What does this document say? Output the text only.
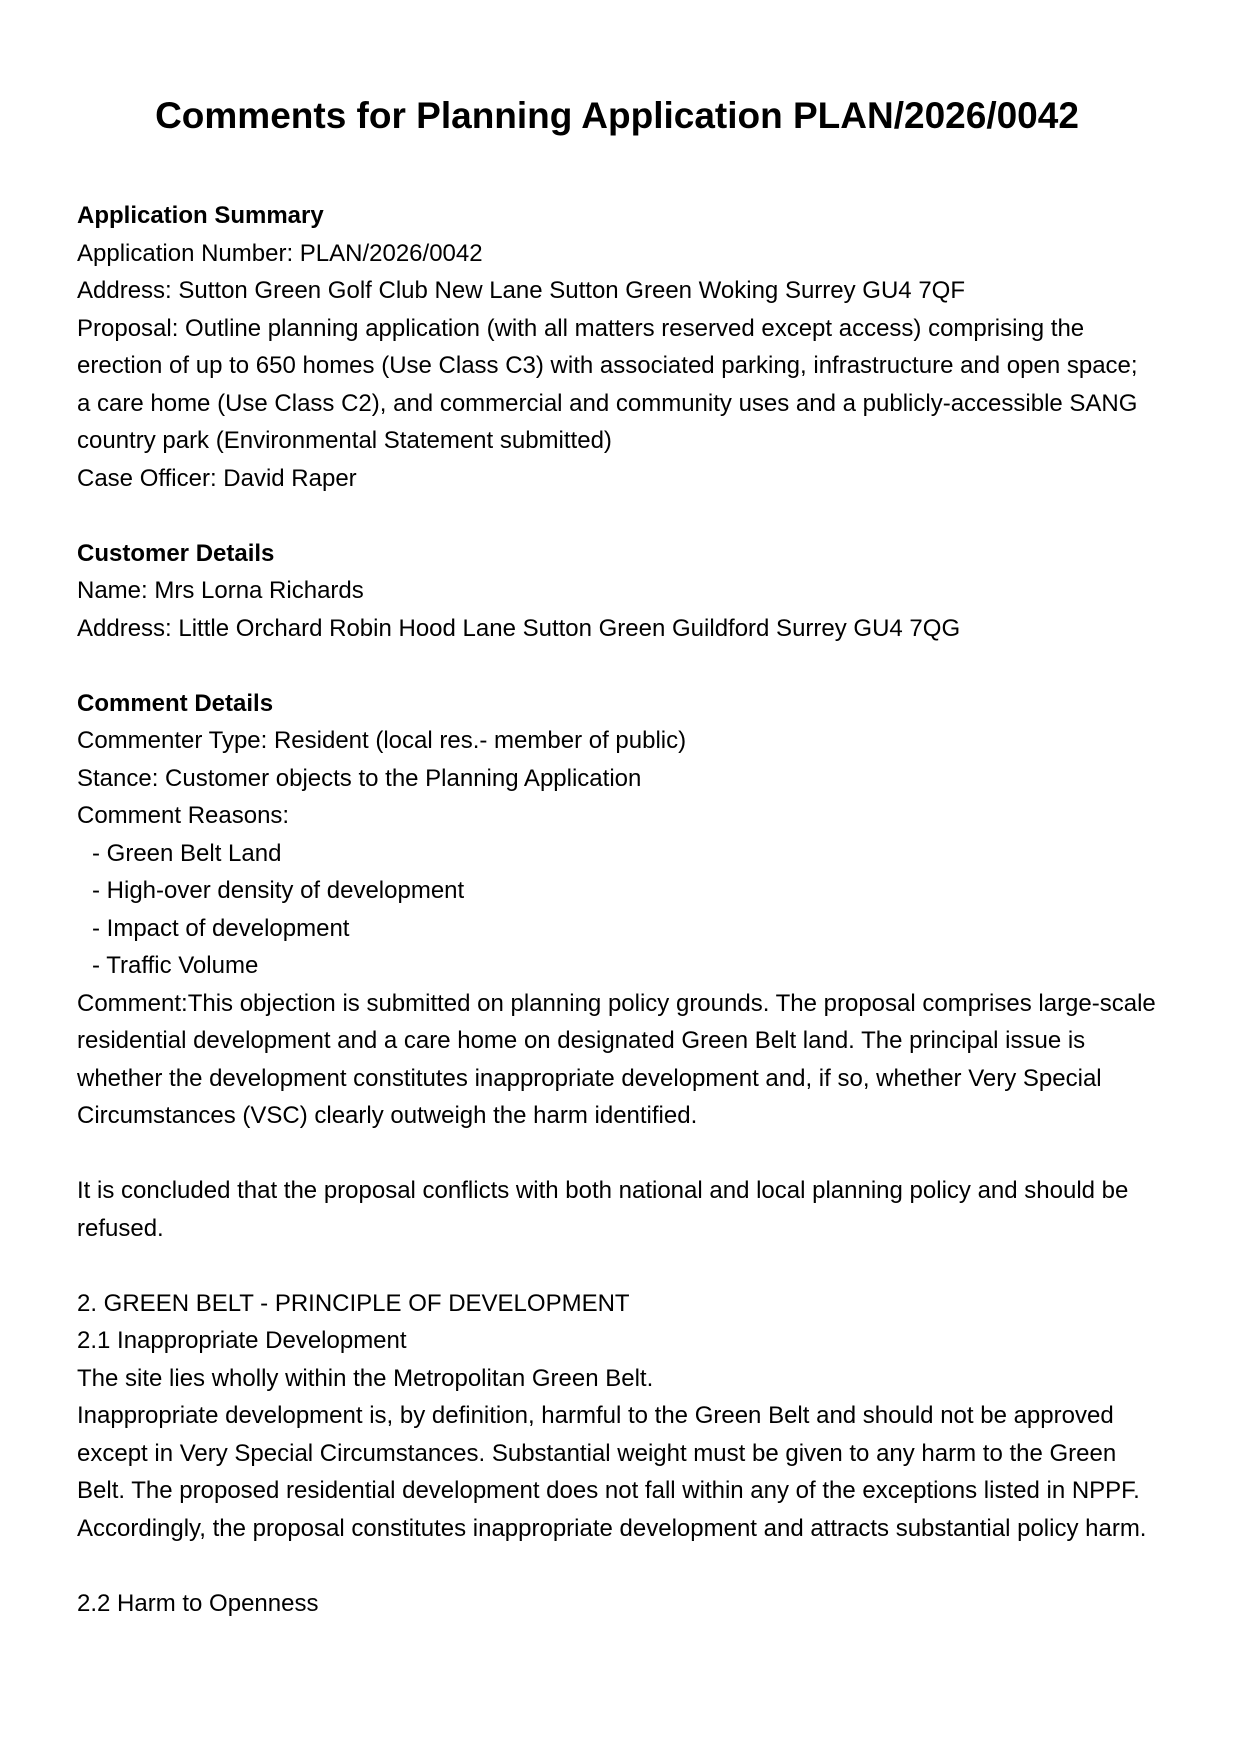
Comments for Planning Application PLAN/2026/0042
Application Summary
Application Number: PLAN/2026/0042
Address: Sutton Green Golf Club New Lane Sutton Green Woking Surrey GU4 7QF
Proposal: Outline planning application (with all matters reserved except access) comprising the erection of up to 650 homes (Use Class C3) with associated parking, infrastructure and open space; a care home (Use Class C2), and commercial and community uses and a publicly-accessible SANG country park (Environmental Statement submitted)
Case Officer: David Raper
Customer Details
Name: Mrs Lorna Richards
Address: Little Orchard Robin Hood Lane Sutton Green Guildford Surrey GU4 7QG
Comment Details
Commenter Type: Resident (local res.- member of public)
Stance: Customer objects to the Planning Application
Comment Reasons:
- Green Belt Land
- High-over density of development
- Impact of development
- Traffic Volume
Comment:This objection is submitted on planning policy grounds. The proposal comprises large-scale residential development and a care home on designated Green Belt land. The principal issue is whether the development constitutes inappropriate development and, if so, whether Very Special Circumstances (VSC) clearly outweigh the harm identified.
It is concluded that the proposal conflicts with both national and local planning policy and should be refused.
2. GREEN BELT - PRINCIPLE OF DEVELOPMENT
2.1 Inappropriate Development
The site lies wholly within the Metropolitan Green Belt.
Inappropriate development is, by definition, harmful to the Green Belt and should not be approved except in Very Special Circumstances. Substantial weight must be given to any harm to the Green Belt. The proposed residential development does not fall within any of the exceptions listed in NPPF. Accordingly, the proposal constitutes inappropriate development and attracts substantial policy harm.
2.2 Harm to Openness
